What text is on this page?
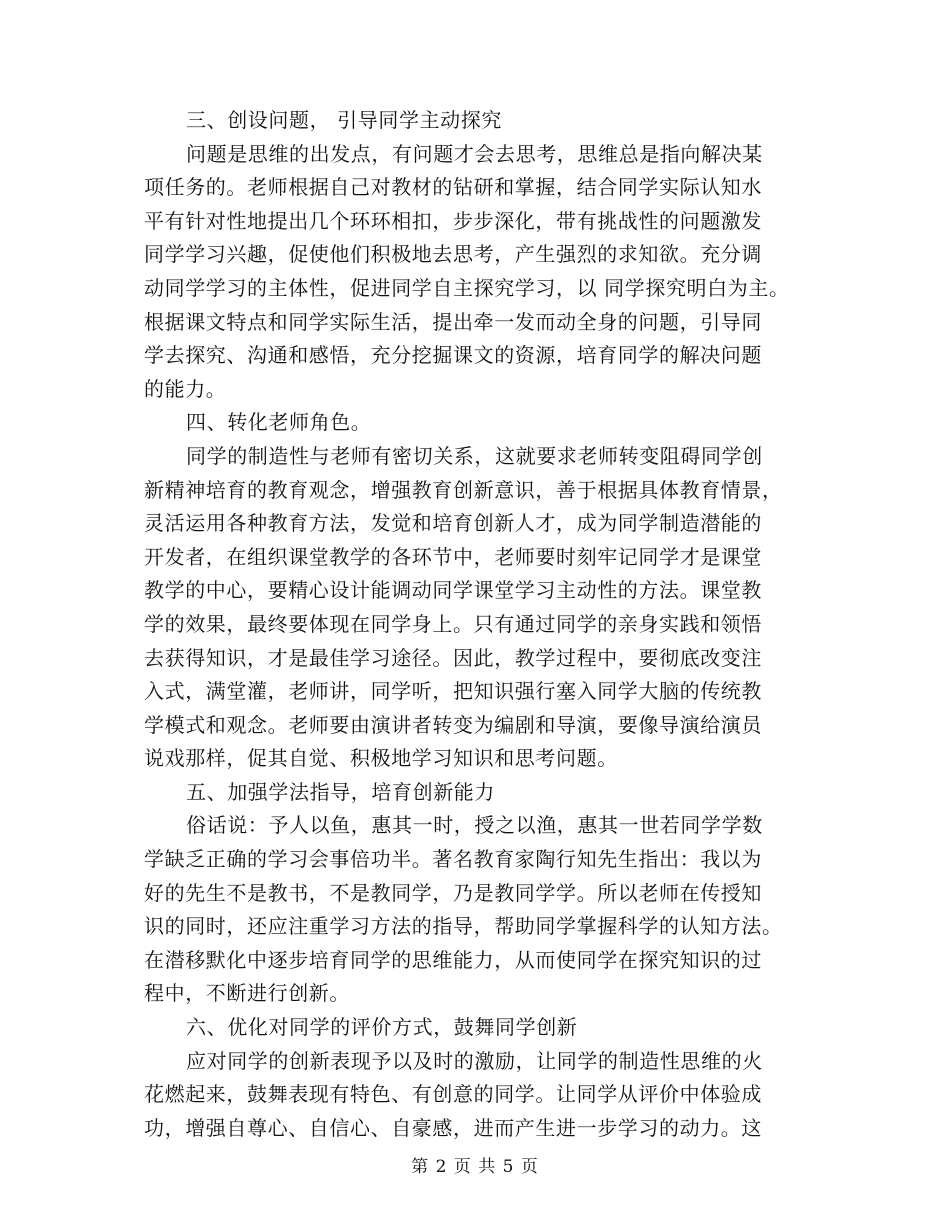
三、创设问题， 引导同学主动探究
问题是思维的出发点，有问题才会去思考，思维总是指向解决某
项任务的。老师根据自己对教材的钻研和掌握，结合同学实际认知水
平有针对性地提出几个环环相扣，步步深化，带有挑战性的问题激发
同学学习兴趣，促使他们积极地去思考，产生强烈的求知欲。充分调
动同学学习的主体性，促进同学自主探究学习，以 同学探究明白为主。
根据课文特点和同学实际生活，提出牵一发而动全身的问题，引导同
学去探究、沟通和感悟，充分挖掘课文的资源，培育同学的解决问题
的能力。
四、转化老师角色。
同学的制造性与老师有密切关系，这就要求老师转变阻碍同学创
新精神培育的教育观念，增强教育创新意识，善于根据具体教育情景，
灵活运用各种教育方法，发觉和培育创新人才，成为同学制造潜能的
开发者，在组织课堂教学的各环节中，老师要时刻牢记同学才是课堂
教学的中心，要精心设计能调动同学课堂学习主动性的方法。课堂教
学的效果，最终要体现在同学身上。只有通过同学的亲身实践和领悟
去获得知识，才是最佳学习途径。因此，教学过程中，要彻底改变注
入式，满堂灌，老师讲，同学听，把知识强行塞入同学大脑的传统教
学模式和观念。老师要由演讲者转变为编剧和导演，要像导演给演员
说戏那样，促其自觉、积极地学习知识和思考问题。
五、加强学法指导，培育创新能力
俗话说：予人以鱼，惠其一时，授之以渔，惠其一世若同学学数
学缺乏正确的学习会事倍功半。著名教育家陶行知先生指出：我以为
好的先生不是教书，不是教同学，乃是教同学学。所以老师在传授知
识的同时，还应注重学习方法的指导，帮助同学掌握科学的认知方法。
在潜移默化中逐步培育同学的思维能力，从而使同学在探究知识的过
程中，不断进行创新。
六、优化对同学的评价方式，鼓舞同学创新
应对同学的创新表现予以及时的激励，让同学的制造性思维的火
花燃起来，鼓舞表现有特色、有创意的同学。让同学从评价中体验成
功，增强自尊心、自信心、自豪感，进而产生进一步学习的动力。这
第 2 页 共 5 页
